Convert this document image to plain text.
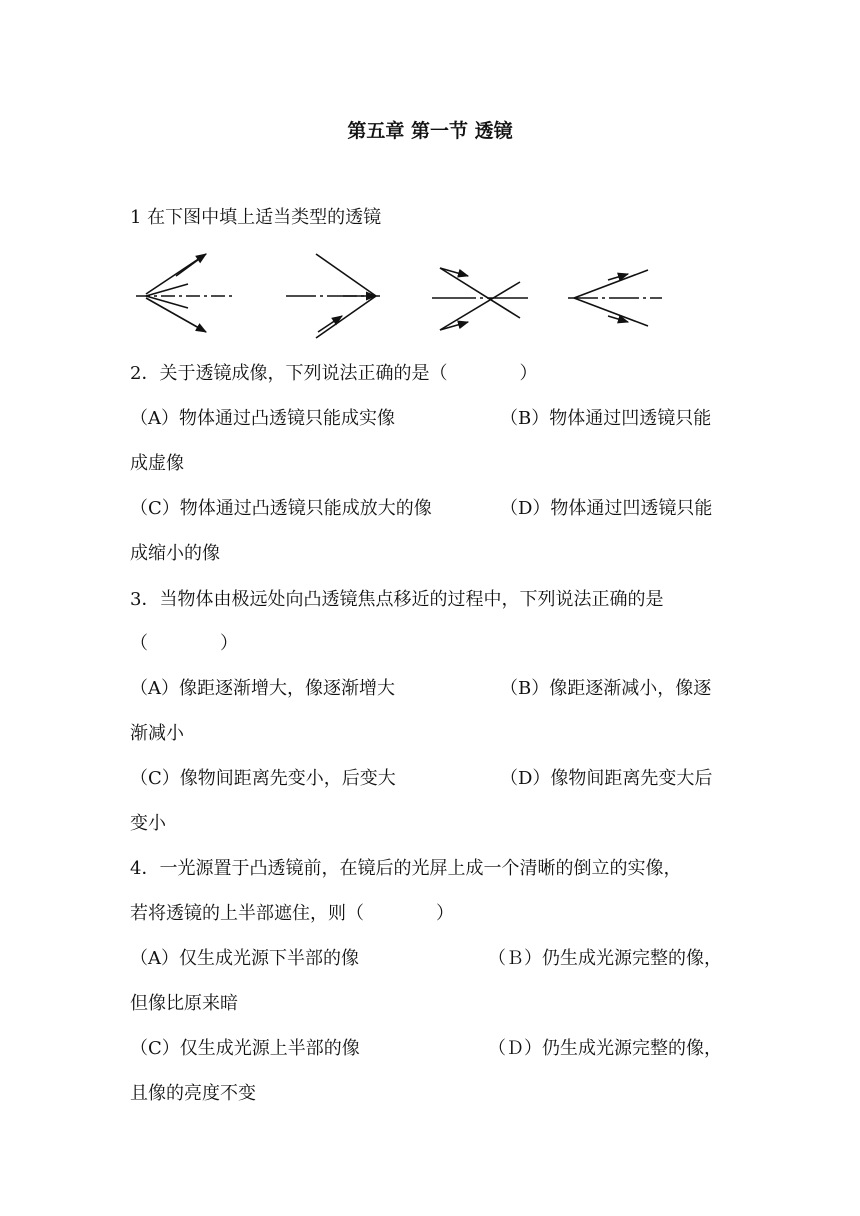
第五章 第一节 透镜
1 在下图中填上适当类型的透镜
2．关于透镜成像，下列说法正确的是（　　　　）
（A）物体通过凸透镜只能成实像	（B）物体通过凹透镜只能
成虚像
（C）物体通过凸透镜只能成放大的像	（D）物体通过凹透镜只能
成缩小的像
3．当物体由极远处向凸透镜焦点移近的过程中，下列说法正确的是
（　　　　）
（A）像距逐渐增大，像逐渐增大	（B）像距逐渐减小，像逐
渐减小
（C）像物间距离先变小，后变大	（D）像物间距离先变大后
变小
4．一光源置于凸透镜前，在镜后的光屏上成一个清晰的倒立的实像，
若将透镜的上半部遮住，则（　　　　）
（A）仅生成光源下半部的像	（Ｂ）仍生成光源完整的像，
但像比原来暗
（C）仅生成光源上半部的像	（Ｄ）仍生成光源完整的像，
且像的亮度不变
